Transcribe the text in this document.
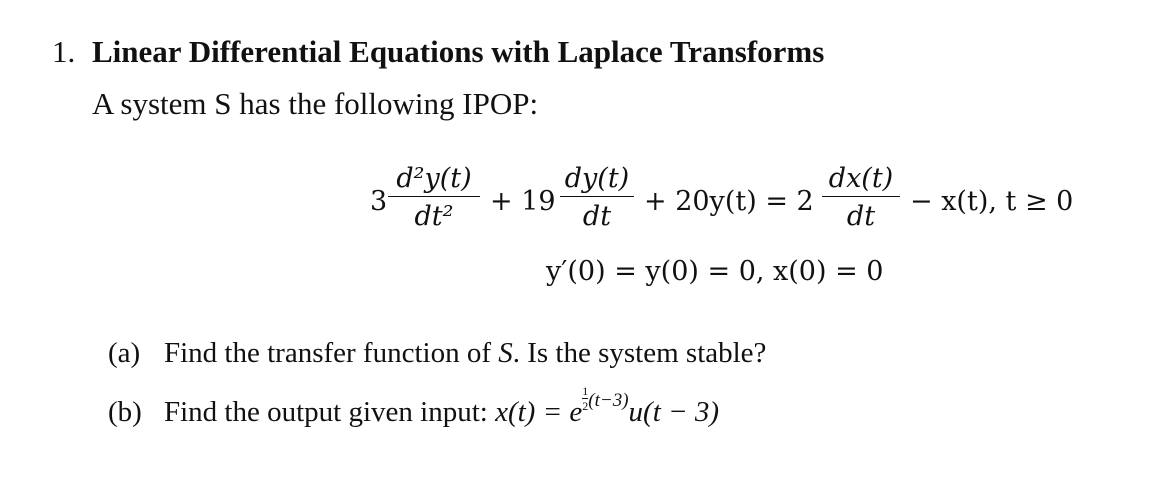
1. Linear Differential Equations with Laplace Transforms
A system S has the following IPOP:
3
d²y(t)
dt²	+ 19
dy(t)
dt	+ 20y(t) = 2
dx(t)
dt	− x(t), t ≥ 0
y′(0) = y(0) = 0, x(0) = 0
(a) Find the transfer function of S. Is the system stable?
(b) Find the output given input: x(t) = e $^{\frac{1}{2} (t-3)}$u(t − 3)
